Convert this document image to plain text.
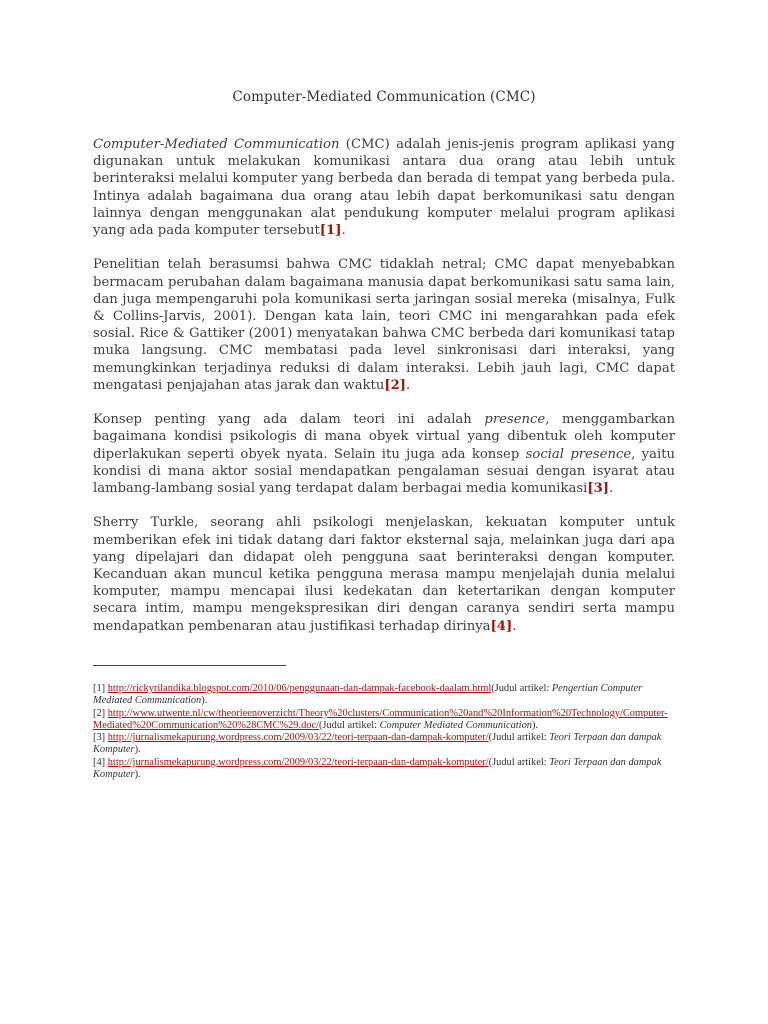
Computer-Mediated Communication (CMC)

Computer-Mediated Communication (CMC) adalah jenis-jenis program aplikasi yang digunakan untuk melakukan komunikasi antara dua orang atau lebih untuk berinteraksi melalui komputer yang berbeda dan berada di tempat yang berbeda pula. Intinya adalah bagaimana dua orang atau lebih dapat berkomunikasi satu dengan lainnya dengan menggunakan alat pendukung komputer melalui program aplikasi yang ada pada komputer tersebut[1].

Penelitian telah berasumsi bahwa CMC tidaklah netral; CMC dapat menyebabkan bermacam perubahan dalam bagaimana manusia dapat berkomunikasi satu sama lain, dan juga mempengaruhi pola komunikasi serta jaringan sosial mereka (misalnya, Fulk & Collins-Jarvis, 2001). Dengan kata lain, teori CMC ini mengarahkan pada efek sosial. Rice & Gattiker (2001) menyatakan bahwa CMC berbeda dari komunikasi tatap muka langsung. CMC membatasi pada level sinkronisasi dari interaksi, yang memungkinkan terjadinya reduksi di dalam interaksi. Lebih jauh lagi, CMC dapat mengatasi penjajahan atas jarak dan waktu[2].

Konsep penting yang ada dalam teori ini adalah presence, menggambarkan bagaimana kondisi psikologis di mana obyek virtual yang dibentuk oleh komputer diperlakukan seperti obyek nyata. Selain itu juga ada konsep social presence, yaitu kondisi di mana aktor sosial mendapatkan pengalaman sesuai dengan isyarat atau lambang-lambang sosial yang terdapat dalam berbagai media komunikasi[3].

Sherry Turkle, seorang ahli psikologi menjelaskan, kekuatan komputer untuk memberikan efek ini tidak datang dari faktor eksternal saja, melainkan juga dari apa yang dipelajari dan didapat oleh pengguna saat berinteraksi dengan komputer. Kecanduan akan muncul ketika pengguna merasa mampu menjelajah dunia melalui komputer, mampu mencapai ilusi kedekatan dan ketertarikan dengan komputer secara intim, mampu mengekspresikan diri dengan caranya sendiri serta mampu mendapatkan pembenaran atau justifikasi terhadap dirinya[4].

[1] http://rickyrilandika.blogspot.com/2010/06/penggunaan-dan-dampak-facebook-daalam.html(Judul artikel: Pengertian Computer Mediated Communication).

[2] http://www.utwente.nl/cw/theorieenoverzicht/Theory%20clusters/Communication%20and%20Information%20Technology/Computer-Mediated%20Communication%20%28CMC%29.doc/(Judul artikel: Computer Mediated Communication).

[3] http://jurnalismekapurung.wordpress.com/2009/03/22/teori-terpaan-dan-dampak-komputer/(Judul artikel: Teori Terpaan dan dampak Komputer).

[4] http://jurnalismekapurung.wordpress.com/2009/03/22/teori-terpaan-dan-dampak-komputer/(Judul artikel: Teori Terpaan dan dampak Komputer).
